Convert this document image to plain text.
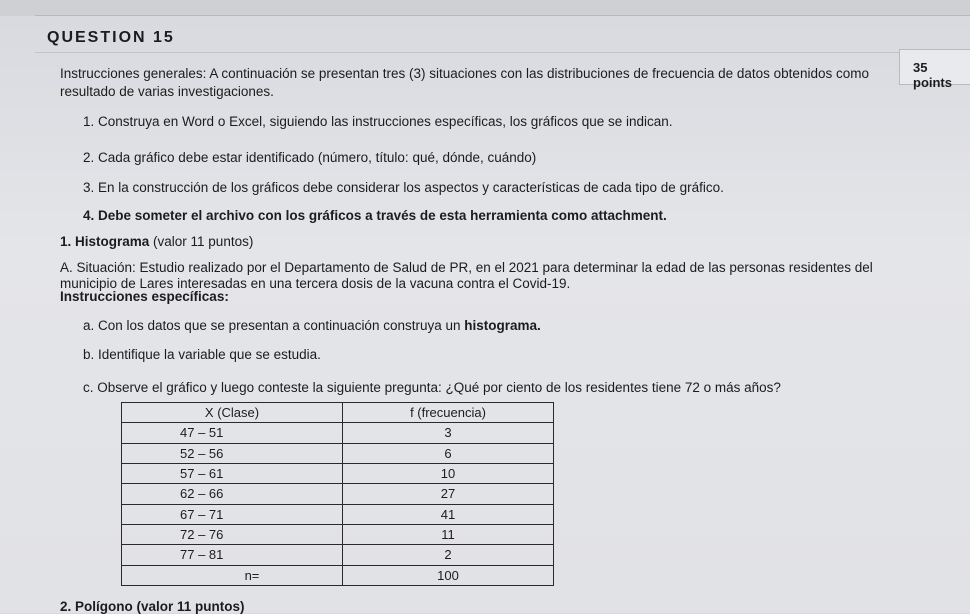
QUESTION 15
35 points
Instrucciones generales: A continuación se presentan tres (3) situaciones con las distribuciones de frecuencia de datos obtenidos como
resultado de varias investigaciones.
1. Construya en Word o Excel, siguiendo las instrucciones específicas, los gráficos que se indican.
2. Cada gráfico debe estar identificado (número, título: qué, dónde, cuándo)
3. En la construcción de los gráficos debe considerar los aspectos y características de cada tipo de gráfico.
4. Debe someter el archivo con los gráficos a través de esta herramienta como attachment.
1. Histograma (valor 11 puntos)
A. Situación: Estudio realizado por el Departamento de Salud de PR, en el 2021 para determinar la edad de las personas residentes del
municipio de Lares interesadas en una tercera dosis de la vacuna contra el Covid-19.
Instrucciones específicas:
a. Con los datos que se presentan a continuación construya un histograma.
b. Identifique la variable que se estudia.
c. Observe el gráfico y luego conteste la siguiente pregunta: ¿Qué por ciento de los residentes tiene 72 o más años?
X (Clase)	f (frecuencia)
47 – 51	3
52 – 56	6
57 – 61	10
62 – 66	27
67 – 71	41
72 – 76	11
77 – 81	2
n=	100
2. Polígono (valor 11 puntos)
